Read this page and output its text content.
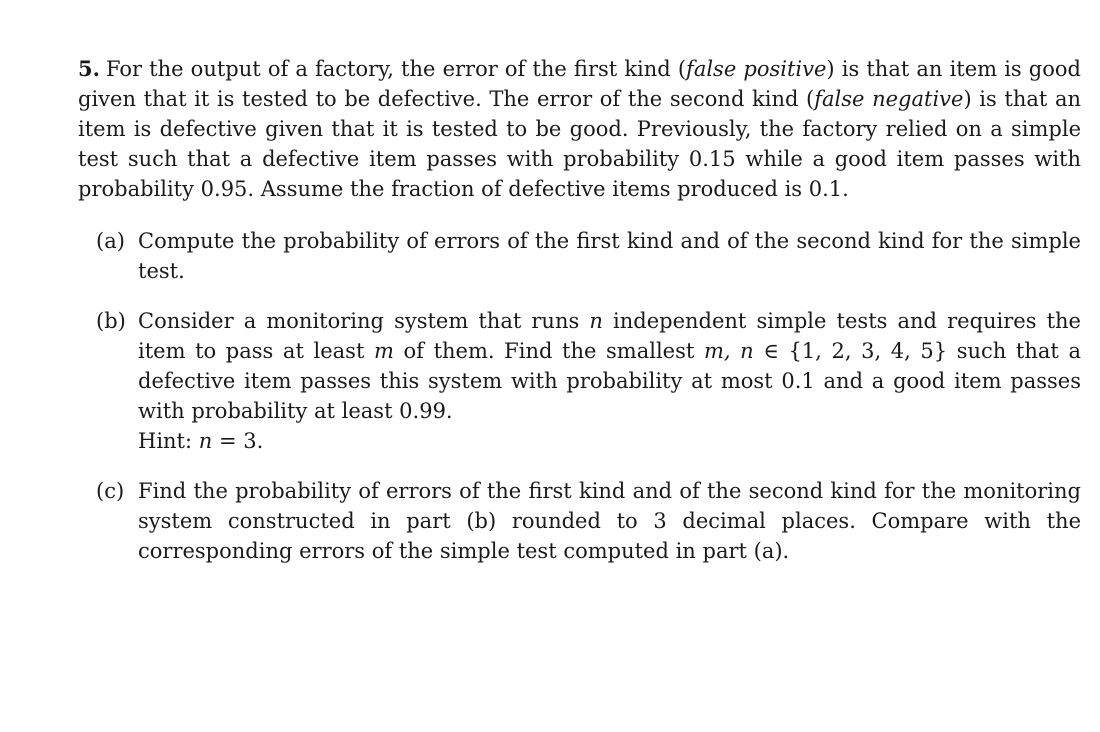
5. For the output of a factory, the error of the first kind (false positive) is that an item is good given that it is tested to be defective. The error of the second kind (false negative) is that an item is defective given that it is tested to be good. Previously, the factory relied on a simple test such that a defective item passes with probability 0.15 while a good item passes with probability 0.95. Assume the fraction of defective items produced is 0.1.

(a) Compute the probability of errors of the first kind and of the second kind for the simple test.
(b) Consider a monitoring system that runs n independent simple tests and requires the item to pass at least m of them. Find the smallest m, n ∈ {1, 2, 3, 4, 5} such that a defective item passes this system with probability at most 0.1 and a good item passes with probability at least 0.99.
Hint: n = 3.
(c) Find the probability of errors of the first kind and of the second kind for the monitoring system constructed in part (b) rounded to 3 decimal places. Compare with the corresponding errors of the simple test computed in part (a).
